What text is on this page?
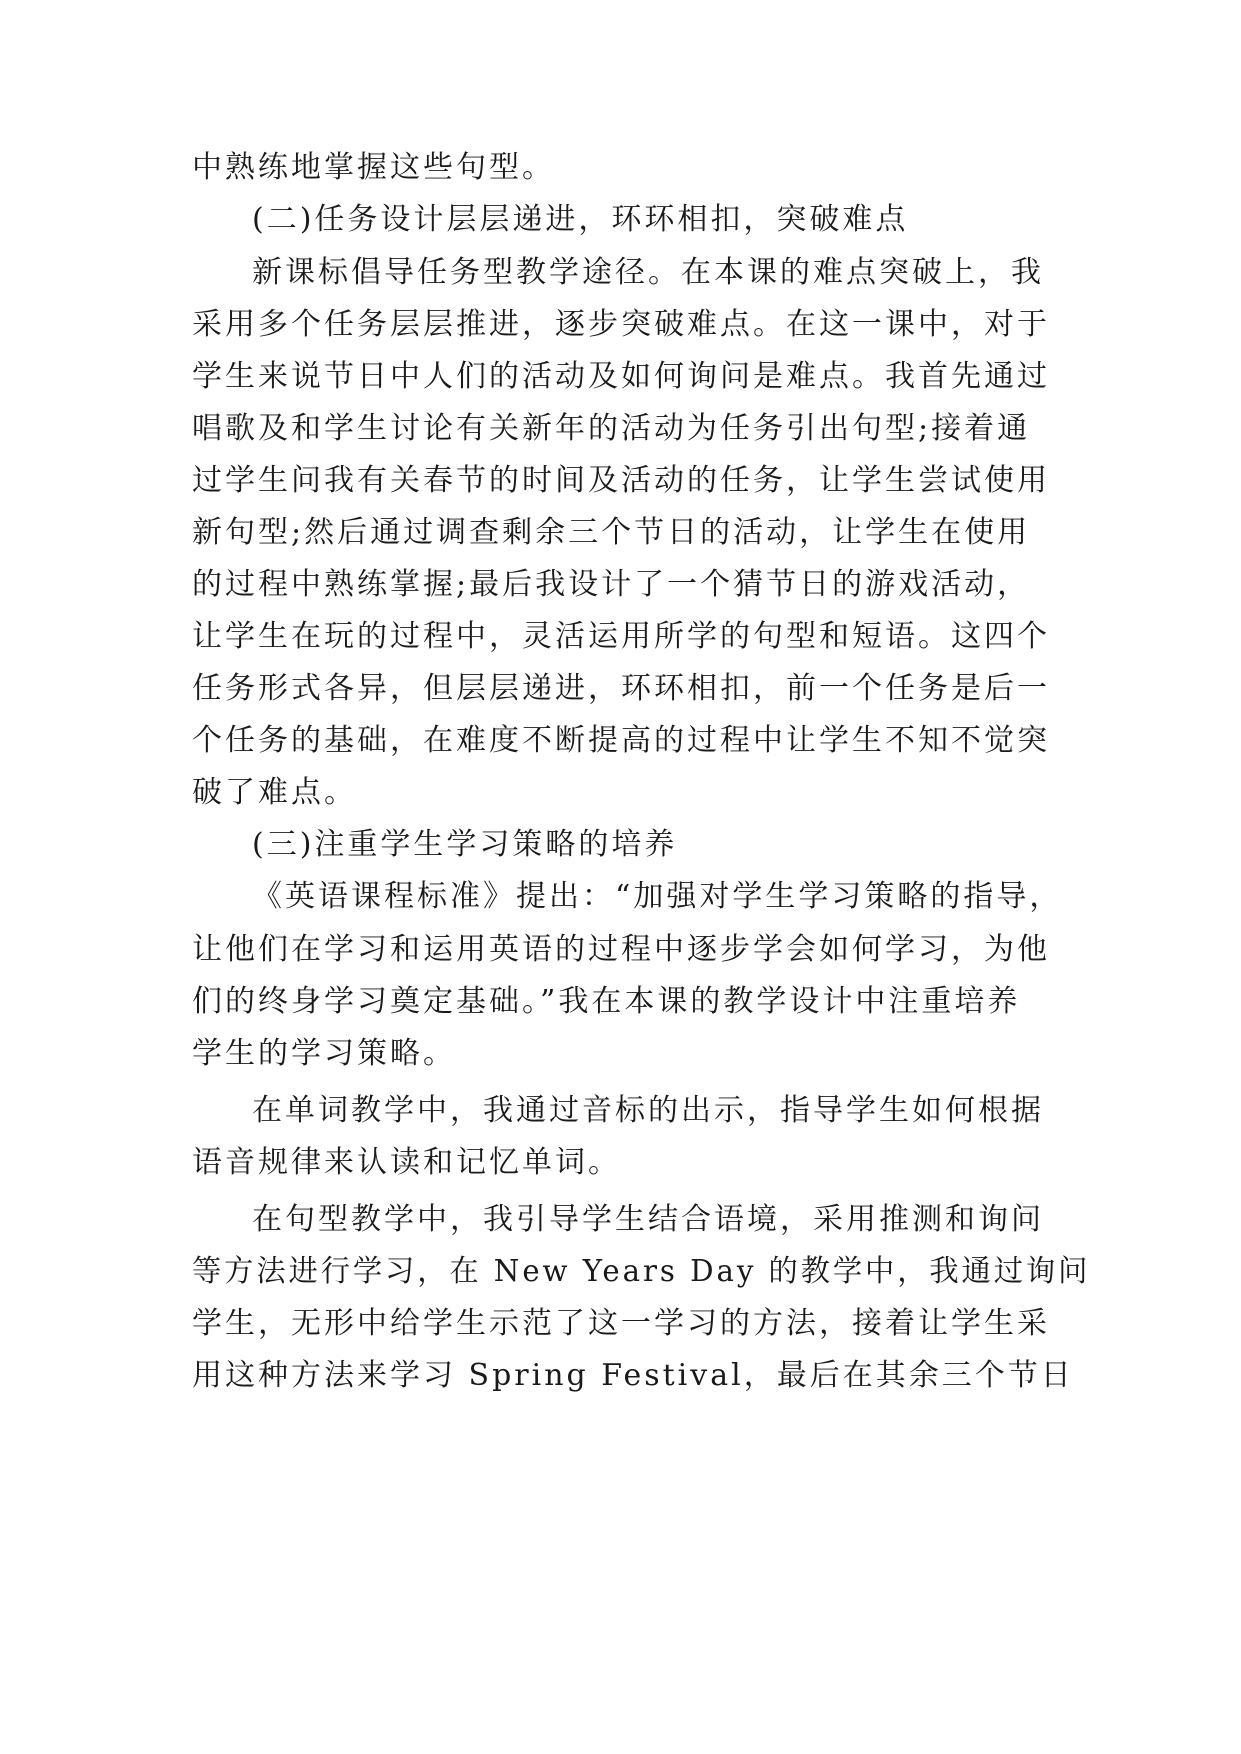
中熟练地掌握这些句型。
(二)任务设计层层递进，环环相扣，突破难点
新课标倡导任务型教学途径。在本课的难点突破上，我
采用多个任务层层推进，逐步突破难点。在这一课中，对于
学生来说节日中人们的活动及如何询问是难点。我首先通过
唱歌及和学生讨论有关新年的活动为任务引出句型;接着通
过学生问我有关春节的时间及活动的任务，让学生尝试使用
新句型;然后通过调查剩余三个节日的活动，让学生在使用
的过程中熟练掌握;最后我设计了一个猜节日的游戏活动，
让学生在玩的过程中，灵活运用所学的句型和短语。这四个
任务形式各异，但层层递进，环环相扣，前一个任务是后一
个任务的基础，在难度不断提高的过程中让学生不知不觉突
破了难点。
(三)注重学生学习策略的培养
《英语课程标准》提出：“加强对学生学习策略的指导，
让他们在学习和运用英语的过程中逐步学会如何学习，为他
们的终身学习奠定基础。”我在本课的教学设计中注重培养
学生的学习策略。
在单词教学中，我通过音标的出示，指导学生如何根据
语音规律来认读和记忆单词。
在句型教学中，我引导学生结合语境，采用推测和询问
等方法进行学习，在 New Years Day 的教学中，我通过询问
学生，无形中给学生示范了这一学习的方法，接着让学生采
用这种方法来学习 Spring Festival，最后在其余三个节日
